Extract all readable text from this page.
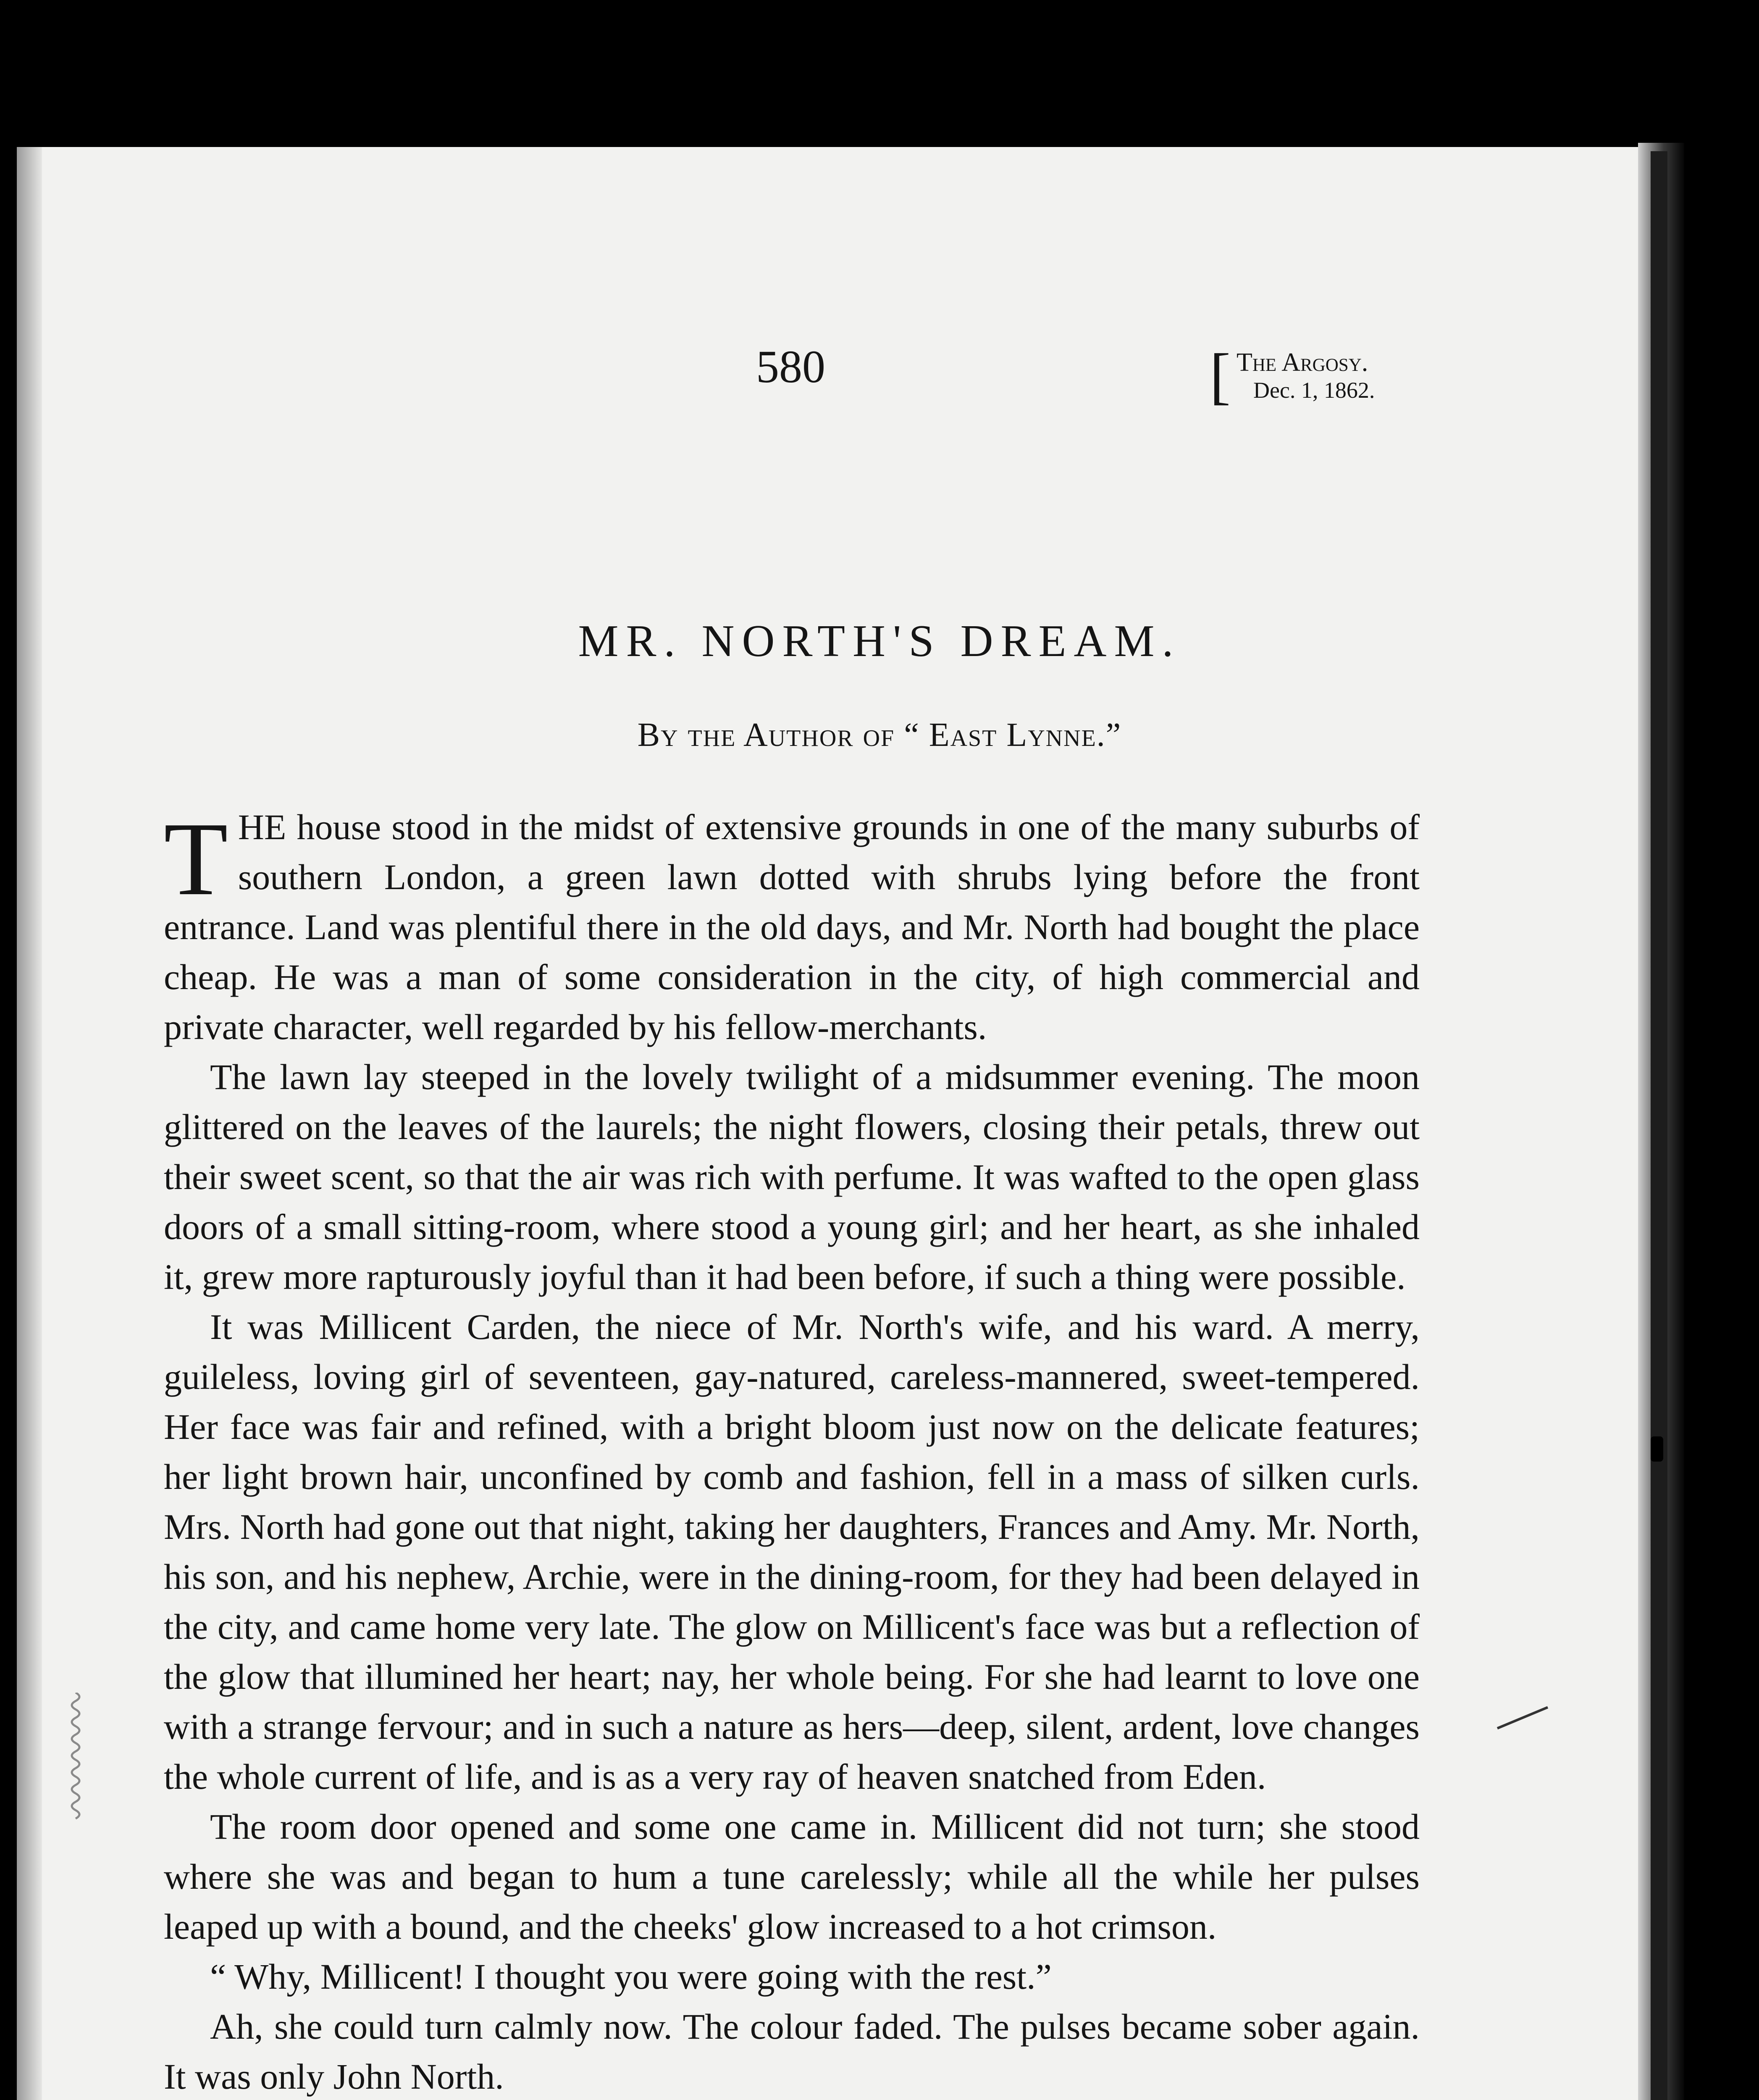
580	[ The Argosy.
Dec. 1, 1862.
MR. NORTH'S DREAM.
By the Author of “ East Lynne.”

THE house stood in the midst of extensive grounds in one of the many suburbs of southern London, a green lawn dotted with shrubs lying before the front entrance. Land was plentiful there in the old days, and Mr. North had bought the place cheap. He was a man of some consideration in the city, of high commercial and private character, well regarded by his fellow-merchants.

The lawn lay steeped in the lovely twilight of a midsummer evening. The moon glittered on the leaves of the laurels; the night flowers, closing their petals, threw out their sweet scent, so that the air was rich with perfume. It was wafted to the open glass doors of a small sitting-room, where stood a young girl; and her heart, as she inhaled it, grew more rapturously joyful than it had been before, if such a thing were possible.

It was Millicent Carden, the niece of Mr. North's wife, and his ward. A merry, guileless, loving girl of seventeen, gay-natured, careless-mannered, sweet-tempered. Her face was fair and refined, with a bright bloom just now on the delicate features; her light brown hair, unconfined by comb and fashion, fell in a mass of silken curls. Mrs. North had gone out that night, taking her daughters, Frances and Amy. Mr. North, his son, and his nephew, Archie, were in the dining-room, for they had been delayed in the city, and came home very late. The glow on Millicent's face was but a reflection of the glow that illumined her heart; nay, her whole being. For she had learnt to love one with a strange fervour; and in such a nature as hers—deep, silent, ardent, love changes the whole current of life, and is as a very ray of heaven snatched from Eden.

The room door opened and some one came in. Millicent did not turn; she stood where she was and began to hum a tune carelessly; while all the while her pulses leaped up with a bound, and the cheeks' glow increased to a hot crimson.

“ Why, Millicent! I thought you were going with the rest.”

Ah, she could turn calmly now. The colour faded. The pulses became sober again. It was only John North.
